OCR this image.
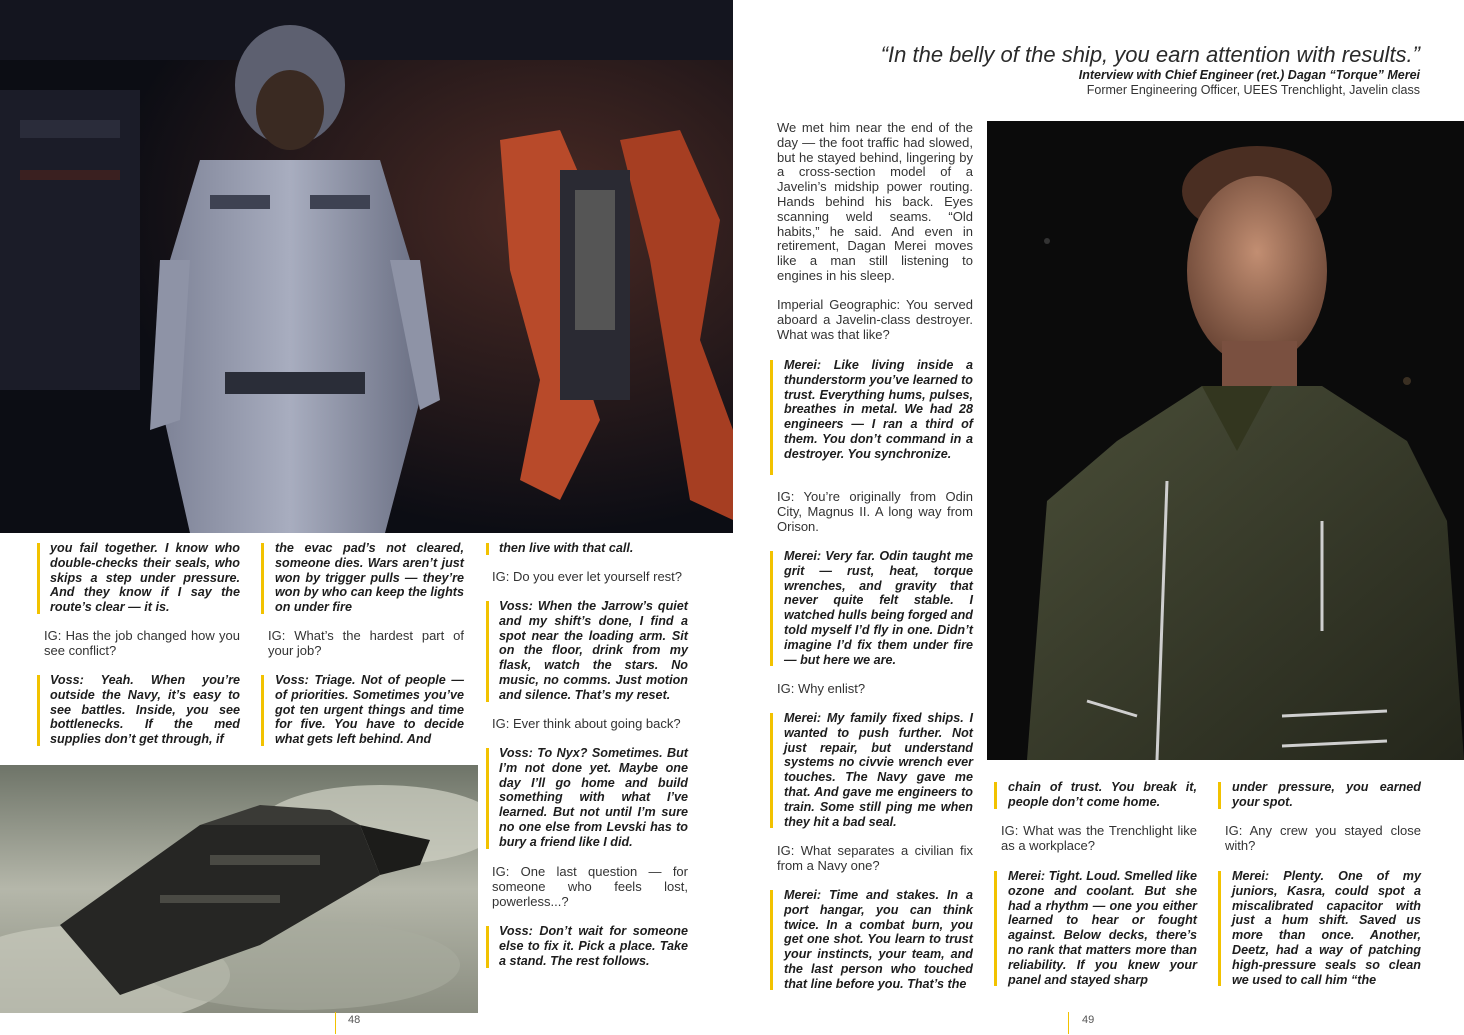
you fail together. I know who double-checks their seals, who skips a step under pressure. And they know if I say the route’s clear — it is.

IG: Has the job changed how you see conflict?

Voss: Yeah. When you’re outside the Navy, it’s easy to see battles. Inside, you see bottlenecks. If the med supplies don’t get through, if

the evac pad’s not cleared, someone dies. Wars aren’t just won by trigger pulls — they’re won by who can keep the lights on under fire

IG: What’s the hardest part of your job?

Voss: Triage. Not of people — of priorities. Sometimes you’ve got ten urgent things and time for five. You have to decide what gets left behind. And

then live with that call.

IG: Do you ever let yourself rest?

Voss: When the Jarrow’s quiet and my shift’s done, I find a spot near the loading arm. Sit on the floor, drink from my flask, watch the stars. No music, no comms. Just motion and silence. That’s my reset.

IG: Ever think about going back?

Voss: To Nyx? Sometimes. But I’m not done yet. Maybe one day I’ll go home and build something with what I’ve learned. But not until I’m sure no one else from Levski has to bury a friend like I did.

IG: One last question — for someone who feels lost, powerless...?

Voss: Don’t wait for someone else to fix it. Pick a place. Take a stand. The rest follows.

48
“In the belly of the ship, you earn attention with results.”
Interview with Chief Engineer (ret.) Dagan “Torque” Merei
Former Engineering Officer, UEES Trenchlight, Javelin class

We met him near the end of the day — the foot traffic had slowed, but he stayed behind, lingering by a cross-section model of a Javelin’s midship power routing. Hands behind his back. Eyes scanning weld seams. “Old habits,” he said. And even in retirement, Dagan Merei moves like a man still listening to engines in his sleep.

Imperial Geographic: You served aboard a Javelin-class destroyer. What was that like?

Merei: Like living inside a thunderstorm you’ve learned to trust. Everything hums, pulses, breathes in metal. We had 28 engineers — I ran a third of them. You don’t command in a destroyer. You synchronize.

IG: You’re originally from Odin City, Magnus II. A long way from Orison.

Merei: Very far. Odin taught me grit — rust, heat, torque wrenches, and gravity that never quite felt stable. I watched hulls being forged and told myself I’d fly in one. Didn’t imagine I’d fix them under fire — but here we are.

IG: Why enlist?

Merei: My family fixed ships. I wanted to push further. Not just repair, but understand systems no civvie wrench ever touches. The Navy gave me that. And gave me engineers to train. Some still ping me when they hit a bad seal.

IG: What separates a civilian fix from a Navy one?

Merei: Time and stakes. In a port hangar, you can think twice. In a combat burn, you get one shot. You learn to trust your instincts, your team, and the last person who touched that line before you. That’s the

chain of trust. You break it, people don’t come home.

IG: What was the Trenchlight like as a workplace?

Merei: Tight. Loud. Smelled like ozone and coolant. But she had a rhythm — one you either learned to hear or fought against. Below decks, there’s no rank that matters more than reliability. If you knew your panel and stayed sharp

under pressure, you earned your spot.

IG: Any crew you stayed close with?

Merei: Plenty. One of my juniors, Kasra, could spot a miscalibrated capacitor with just a hum shift. Saved us more than once. Another, Deetz, had a way of patching high-pressure seals so clean we used to call him “the

49
